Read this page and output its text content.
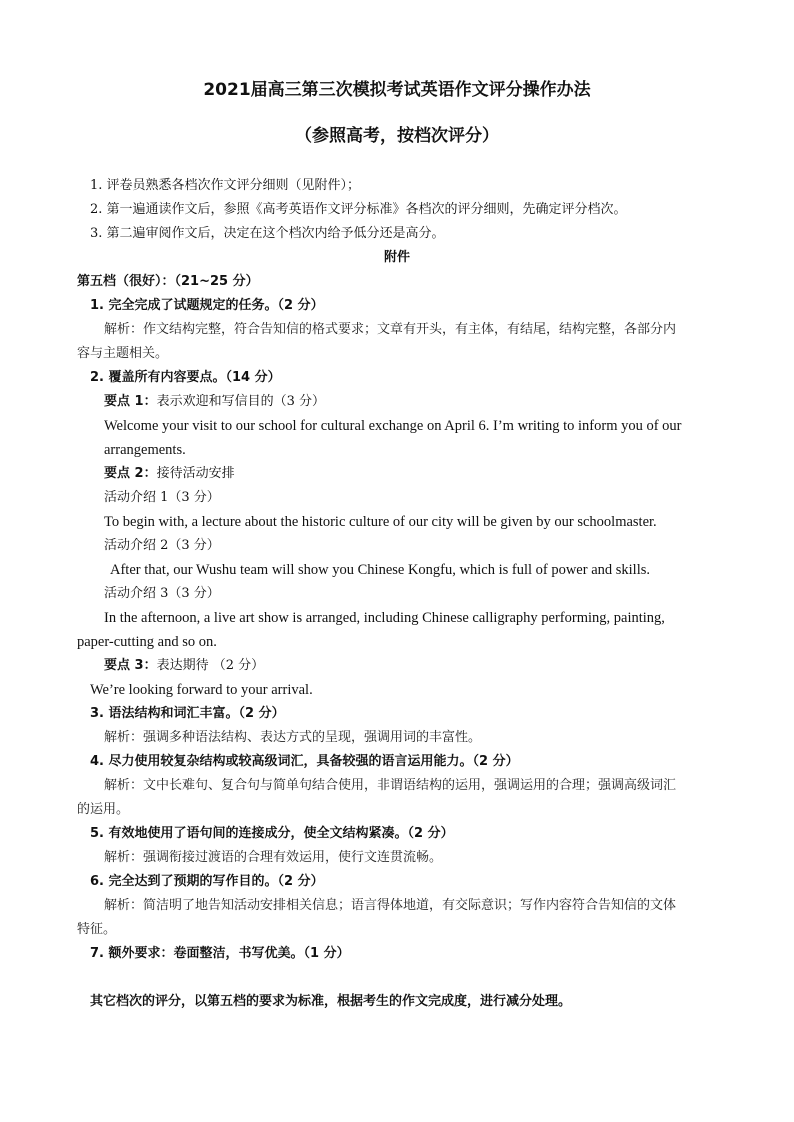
2021届高三第三次模拟考试英语作文评分操作办法
（参照高考，按档次评分）
1. 评卷员熟悉各档次作文评分细则（见附件）；
2. 第一遍通读作文后，参照《高考英语作文评分标准》各档次的评分细则，先确定评分档次。
3. 第二遍审阅作文后，决定在这个档次内给予低分还是高分。
附件
第五档（很好）：（21~25 分）
1. 完全完成了试题规定的任务。（2 分）
解析：作文结构完整，符合告知信的格式要求；文章有开头，有主体，有结尾，结构完整，各部分内
容与主题相关。
2. 覆盖所有内容要点。（14 分）
要点 1：表示欢迎和写信目的（3 分）
Welcome your visit to our school for cultural exchange on April 6. I’m writing to inform you of our
arrangements.
要点 2：接待活动安排
活动介绍 1（3 分）
To begin with, a lecture about the historic culture of our city will be given by our schoolmaster.
活动介绍 2（3 分）
After that, our Wushu team will show you Chinese Kongfu, which is full of power and skills.
活动介绍 3（3 分）
In the afternoon, a live art show is arranged, including Chinese calligraphy performing, painting,
paper-cutting and so on.
要点 3：表达期待 （2 分）
We’re looking forward to your arrival.
3. 语法结构和词汇丰富。（2 分）
解析：强调多种语法结构、表达方式的呈现，强调用词的丰富性。
4. 尽力使用较复杂结构或较高级词汇，具备较强的语言运用能力。（2 分）
解析：文中长难句、复合句与简单句结合使用，非谓语结构的运用，强调运用的合理；强调高级词汇
的运用。
5. 有效地使用了语句间的连接成分，使全文结构紧凑。（2 分）
解析：强调衔接过渡语的合理有效运用，使行文连贯流畅。
6. 完全达到了预期的写作目的。（2 分）
解析：简洁明了地告知活动安排相关信息；语言得体地道，有交际意识；写作内容符合告知信的文体
特征。
7. 额外要求：卷面整洁，书写优美。（1 分）
其它档次的评分，以第五档的要求为标准，根据考生的作文完成度，进行减分处理。
